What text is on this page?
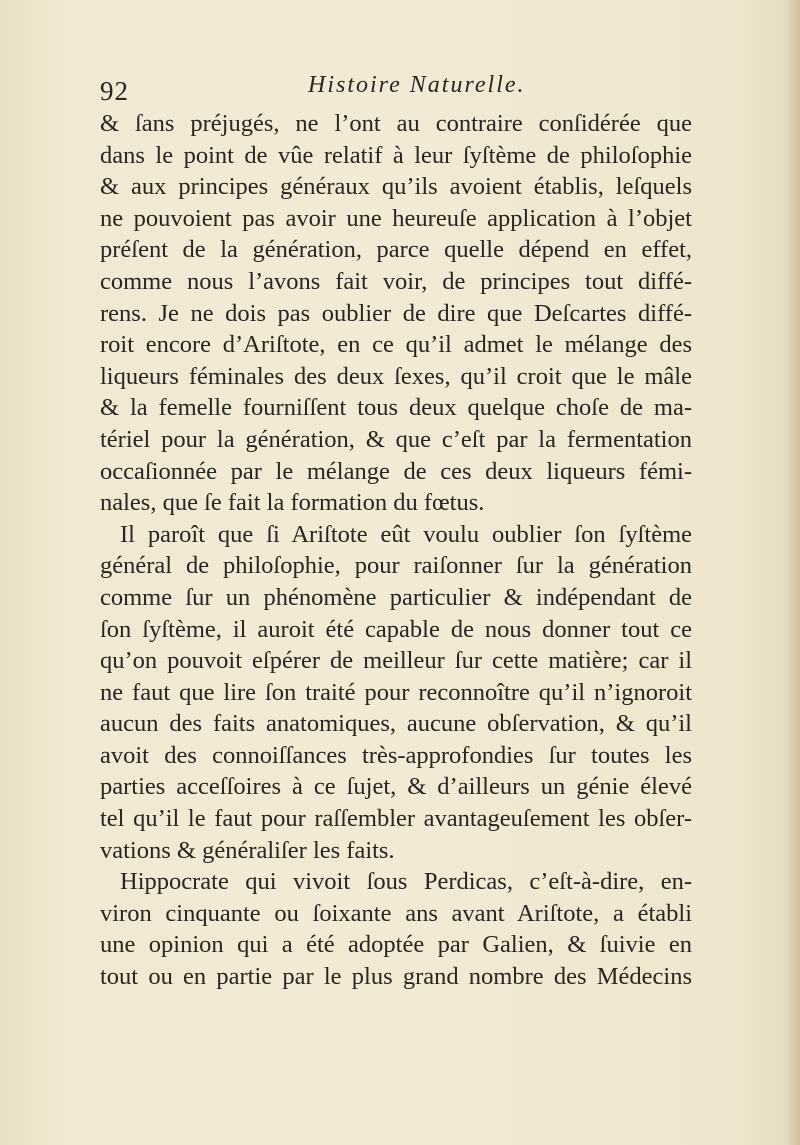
92	Histoire Naturelle.
& ſans préjugés, ne l’ont au contraire conſidérée que
dans le point de vûe relatif à leur ſyſtème de philoſophie
& aux principes généraux qu’ils avoient établis, leſquels
ne pouvoient pas avoir une heureuſe application à l’objet
préſent de la génération, parce quelle dépend en effet,
comme nous l’avons fait voir, de principes tout diffé-
rens. Je ne dois pas oublier de dire que Deſcartes diffé-
roit encore d’Ariſtote, en ce qu’il admet le mélange des
liqueurs féminales des deux ſexes, qu’il croit que le mâle
& la femelle fourniſſent tous deux quelque choſe de ma-
tériel pour la génération, & que c’eſt par la fermentation
occaſionnée par le mélange de ces deux liqueurs fémi-
nales, que ſe fait la formation du fœtus.
Il paroît que ſi Ariſtote eût voulu oublier ſon ſyſtème
général de philoſophie, pour raiſonner ſur la génération
comme ſur un phénomène particulier & indépendant de
ſon ſyſtème, il auroit été capable de nous donner tout ce
qu’on pouvoit eſpérer de meilleur ſur cette matière; car il
ne faut que lire ſon traité pour reconnoître qu’il n’ignoroit
aucun des faits anatomiques, aucune obſervation, & qu’il
avoit des connoiſſances très-approfondies ſur toutes les
parties acceſſoires à ce ſujet, & d’ailleurs un génie élevé
tel qu’il le faut pour raſſembler avantageuſement les obſer-
vations & généraliſer les faits.
Hippocrate qui vivoit ſous Perdicas, c’eſt-à-dire, en-
viron cinquante ou ſoixante ans avant Ariſtote, a établi
une opinion qui a été adoptée par Galien, & ſuivie en
tout ou en partie par le plus grand nombre des Médecins
